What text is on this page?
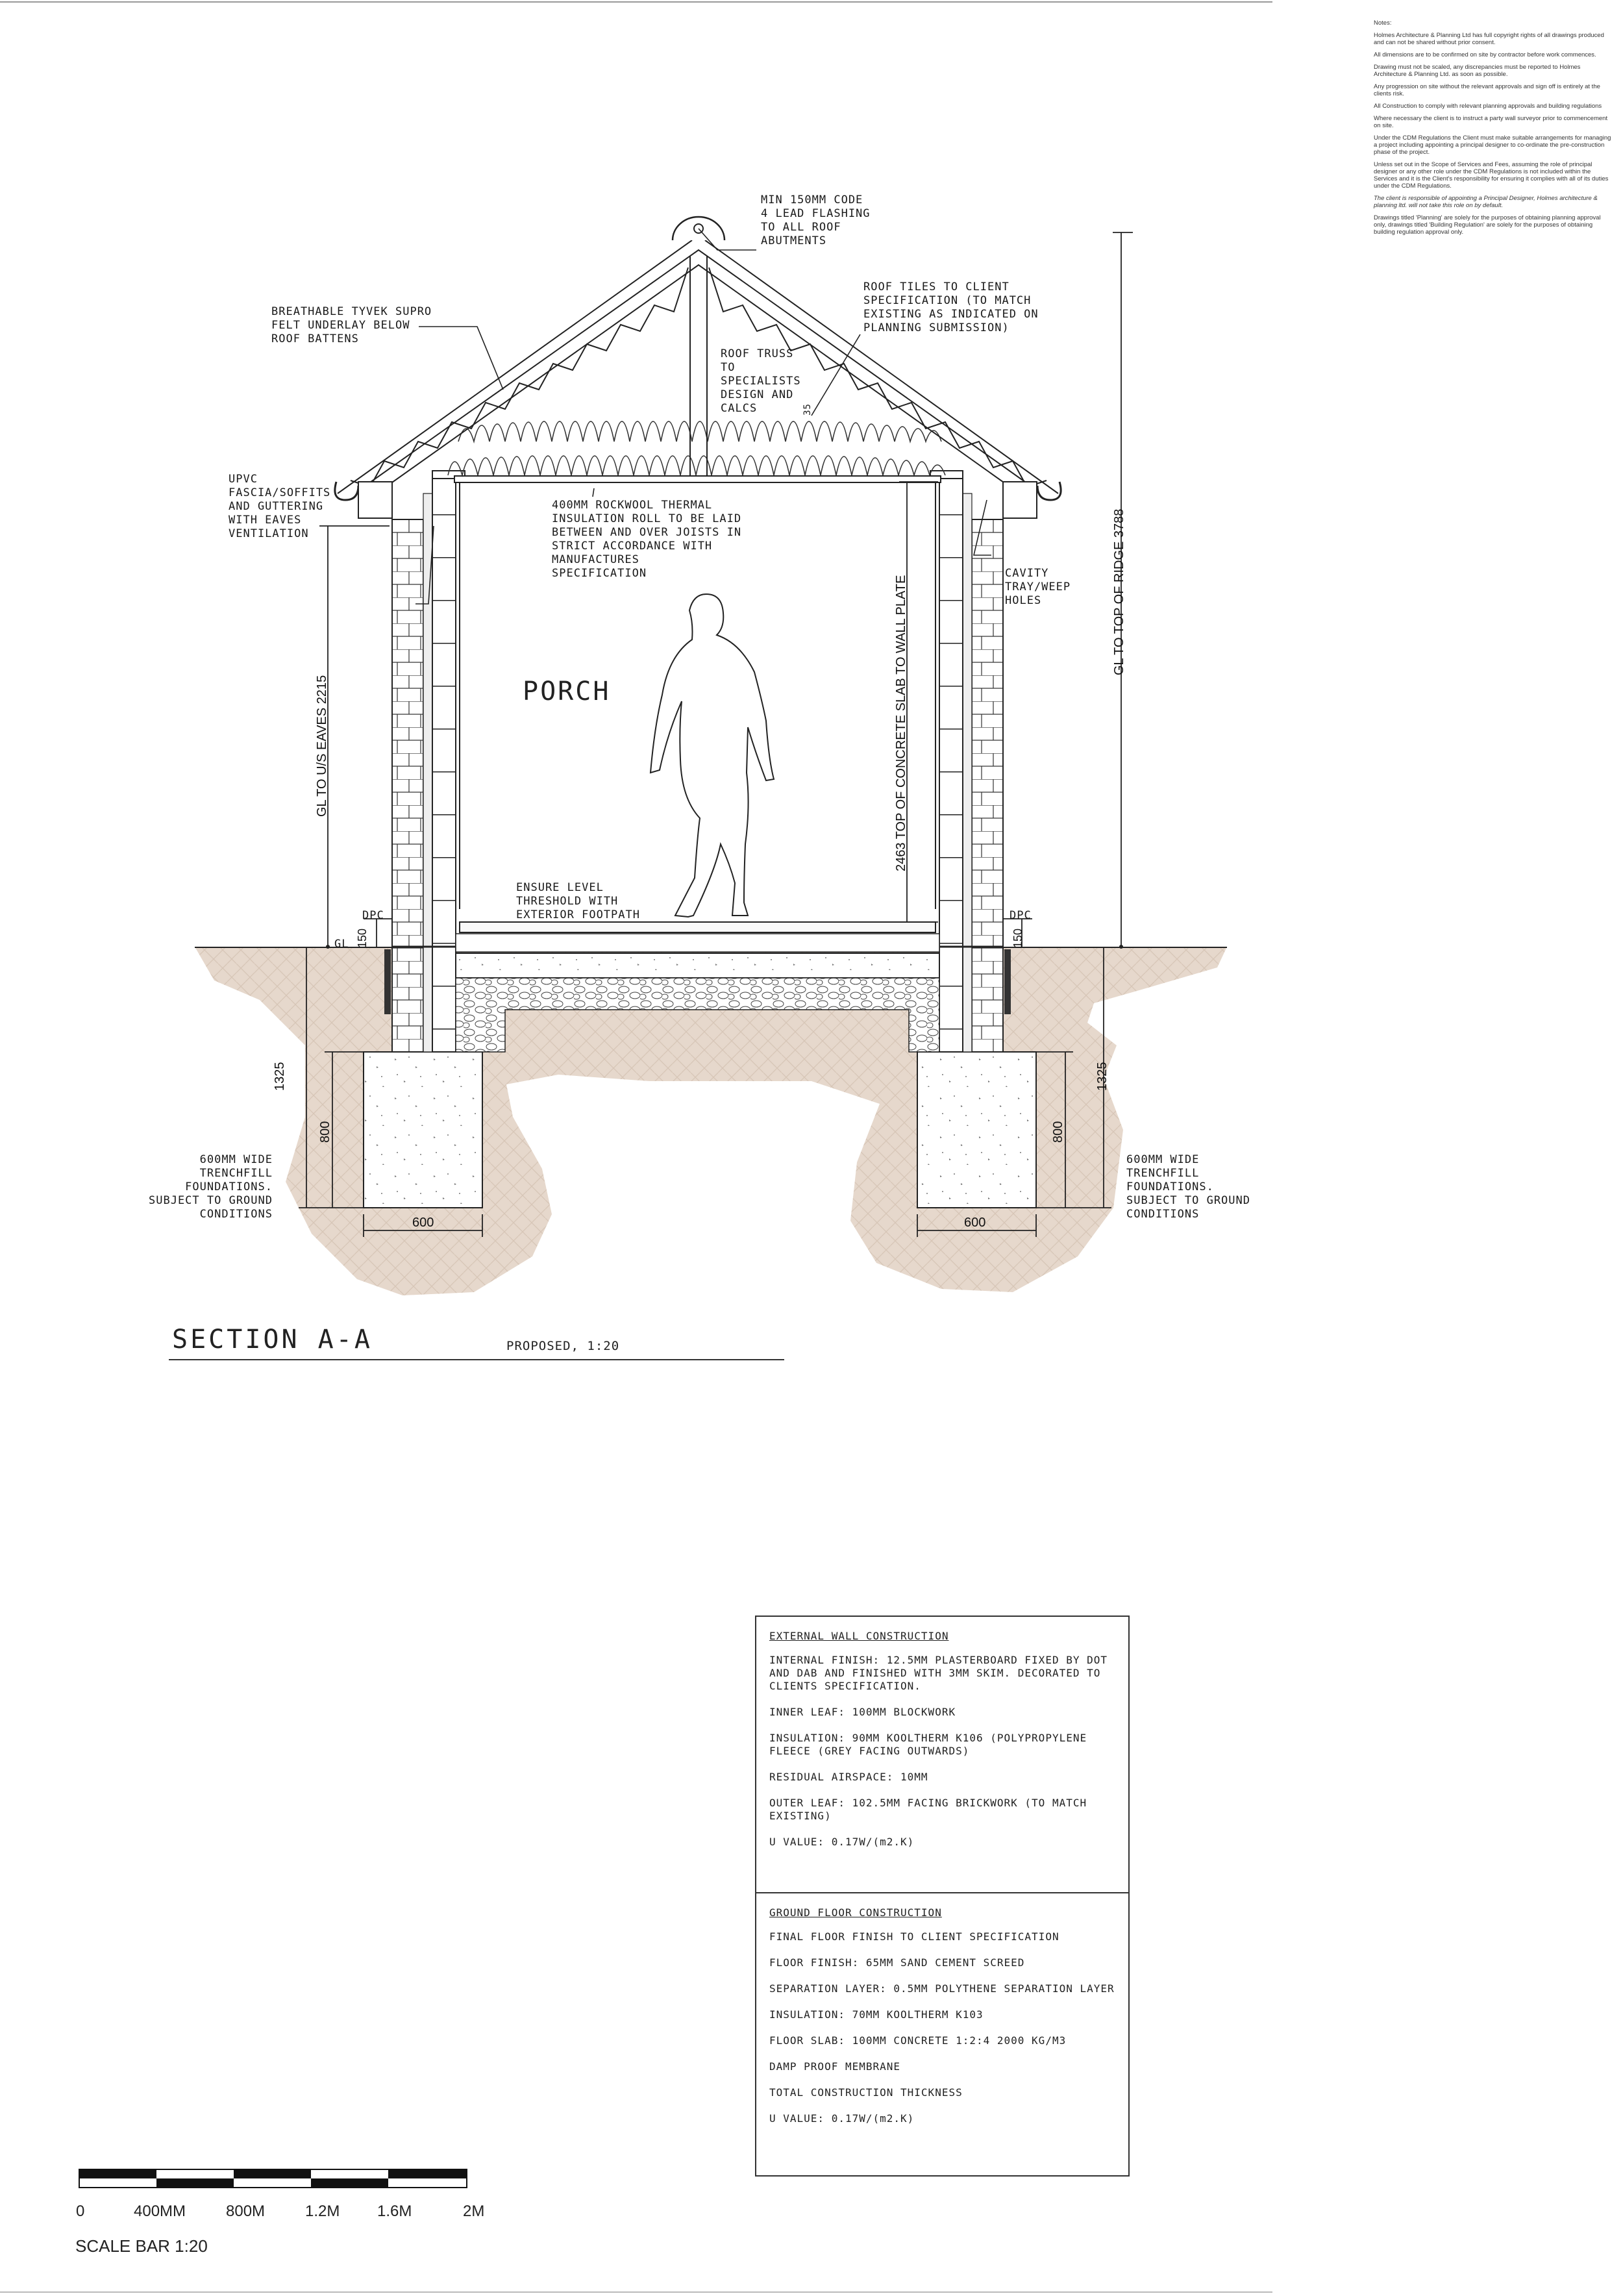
Notes:

Holmes Architecture & Planning Ltd has full copyright rights of all drawings produced and can not be shared without prior consent.

All dimensions are to be confirmed on site by contractor before work commences.

Drawing must not be scaled, any discrepancies must be reported to Holmes Architecture & Planning Ltd. as soon as possible.

Any progression on site without the relevant approvals and sign off is entirely at the clients risk.

All Construction to comply with relevant planning approvals and building regulations

Where necessary the client is to instruct a party wall surveyor prior to commencement on site.

Under the CDM Regulations the Client must make suitable arrangements for managing a project including appointing a principal designer to co-ordinate the pre-construction phase of the project.

Unless set out in the Scope of Services and Fees, assuming the role of principal designer or any other role under the CDM Regulations is not included within the Services and it is the Client's responsibility for ensuring it complies with all of its duties under the CDM Regulations.

The client is responsible of appointing a Principal Designer, Holmes architecture & planning ltd. will not take this role on by default.

Drawings titled 'Planning' are solely for the purposes of obtaining planning approval only, drawings titled 'Building Regulation' are solely for the purposes of obtaining building regulation approval only.

MIN 150MM CODE
4 LEAD FLASHING
TO ALL ROOF
ABUTMENTS
ROOF TILES TO CLIENT
SPECIFICATION (TO MATCH
EXISTING AS INDICATED ON
PLANNING SUBMISSION)
BREATHABLE TYVEK SUPRO
FELT UNDERLAY BELOW
ROOF BATTENS
ROOF TRUSS
TO
SPECIALISTS
DESIGN AND
CALCS	35
UPVC
FASCIA/SOFFITS
AND GUTTERING
WITH EAVES
VENTILATION
400MM ROCKWOOL THERMAL
INSULATION ROLL TO BE LAID
BETWEEN AND OVER JOISTS IN
STRICT ACCORDANCE WITH
MANUFACTURES
SPECIFICATION	CAVITY
TRAY/WEEP
HOLES
PORCH
ENSURE LEVEL
THRESHOLD WITH
EXTERIOR FOOTPATH
DPC	DPC
GL
600MM WIDE
TRENCHFILL
FOUNDATIONS.
SUBJECT TO GROUND
CONDITIONS
600MM WIDE
TRENCHFILL
FOUNDATIONS.
SUBJECT TO GROUND
CONDITIONS
GL TO U/S EAVES 2215
GL TO TOP OF RIDGE 3788
2463 TOP OF CONCRETE SLAB TO WALL PLATE
150	150
1325	1325
800	800
600	600
SECTION A-A	PROPOSED, 1:20
EXTERNAL WALL CONSTRUCTION
INTERNAL FINISH: 12.5MM PLASTERBOARD FIXED BY DOT AND DAB AND FINISHED WITH 3MM SKIM. DECORATED TO CLIENTS SPECIFICATION.
INNER LEAF: 100MM BLOCKWORK
INSULATION: 90MM KOOLTHERM K106 (POLYPROPYLENE FLEECE (GREY FACING OUTWARDS)
RESIDUAL AIRSPACE: 10MM
OUTER LEAF: 102.5MM FACING BRICKWORK (TO MATCH EXISTING)
U VALUE: 0.17W/(m2.K)
GROUND FLOOR CONSTRUCTION
FINAL FLOOR FINISH TO CLIENT SPECIFICATION
FLOOR FINISH: 65MM SAND CEMENT SCREED
SEPARATION LAYER: 0.5MM POLYTHENE SEPARATION LAYER
INSULATION: 70MM KOOLTHERM K103
FLOOR SLAB: 100MM CONCRETE 1:2:4 2000 KG/M3
DAMP PROOF MEMBRANE
TOTAL CONSTRUCTION THICKNESS
U VALUE: 0.17W/(m2.K)
0	400MM	800M	1.2M 1.6M	2M
SCALE BAR 1:20
